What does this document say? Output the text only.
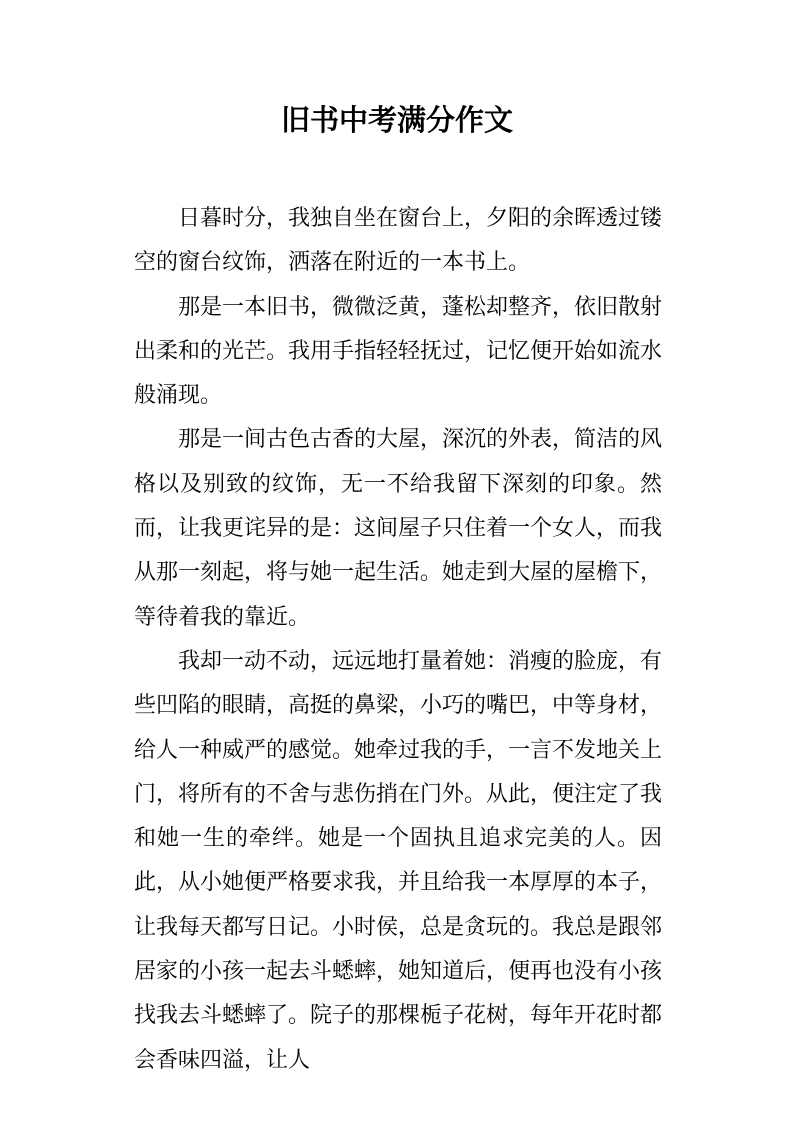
旧书中考满分作文

日暮时分，我独自坐在窗台上，夕阳的余晖透过镂空的窗台纹饰，洒落在附近的一本书上。

那是一本旧书，微微泛黄，蓬松却整齐，依旧散射出柔和的光芒。我用手指轻轻抚过，记忆便开始如流水般涌现。

那是一间古色古香的大屋，深沉的外表，简洁的风格以及别致的纹饰，无一不给我留下深刻的印象。然而，让我更诧异的是：这间屋子只住着一个女人，而我从那一刻起，将与她一起生活。她走到大屋的屋檐下，等待着我的靠近。

我却一动不动，远远地打量着她：消瘦的脸庞，有些凹陷的眼睛，高挺的鼻梁，小巧的嘴巴，中等身材，给人一种威严的感觉。她牵过我的手，一言不发地关上门，将所有的不舍与悲伤捎在门外。从此，便注定了我和她一生的牵绊。她是一个固执且追求完美的人。因此，从小她便严格要求我，并且给我一本厚厚的本子，让我每天都写日记。小时侯，总是贪玩的。我总是跟邻居家的小孩一起去斗蟋蟀，她知道后，便再也没有小孩找我去斗蟋蟀了。院子的那棵栀子花树，每年开花时都会香味四溢，让人
